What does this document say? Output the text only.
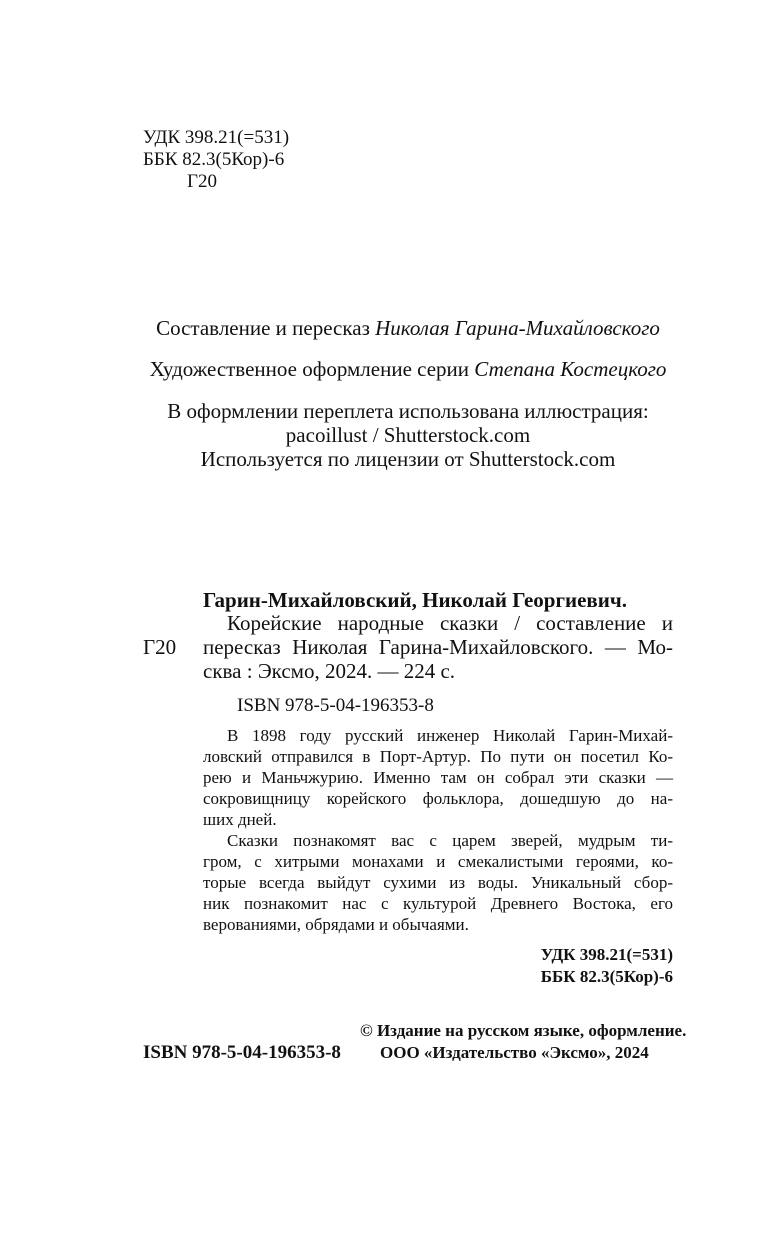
УДК 398.21(=531)
ББК 82.3(5Кор)-6
Г20
Составление и пересказ Николая Гарина-Михайловского
Художественное оформление серии Степана Костецкого
В оформлении переплета использована иллюстрация:
pacoillust / Shutterstock.com
Используется по лицензии от Shutterstock.com
Гарин-Михайловский, Николай Георгиевич.
Корейские народные сказки / составление и
Г20 пересказ Николая Гарина-Михайловского. — Мо-
сква : Эксмо, 2024. — 224 с.
ISBN 978-5-04-196353-8
В 1898 году русский инженер Николай Гарин-Михай-
ловский отправился в Порт-Артур. По пути он посетил Ко-
рею и Маньчжурию. Именно там он собрал эти сказки —
сокровищницу корейского фольклора, дошедшую до на-
ших дней.
Сказки познакомят вас с царем зверей, мудрым ти-
гром, с хитрыми монахами и смекалистыми героями, ко-
торые всегда выйдут сухими из воды. Уникальный сбор-
ник познакомит нас с культурой Древнего Востока, его
верованиями, обрядами и обычаями.
УДК 398.21(=531)
ББК 82.3(5Кор)-6
ISBN 978-5-04-196353-8
© Издание на русском языке, оформление.
ООО «Издательство «Эксмо», 2024
